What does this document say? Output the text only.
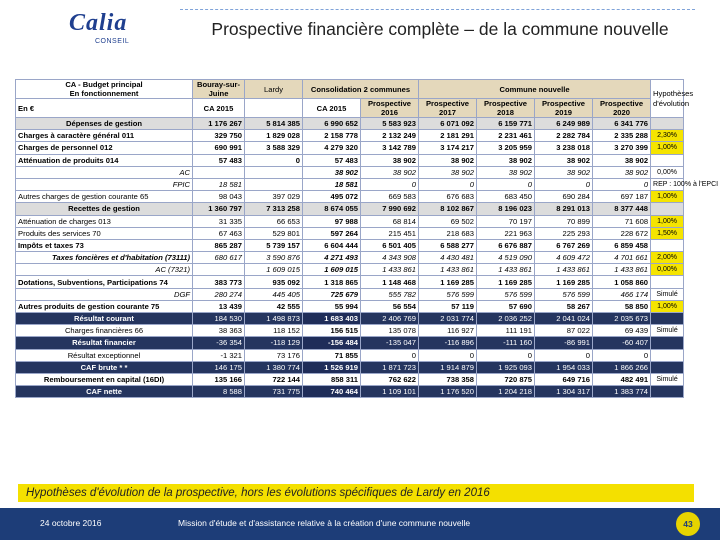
Calia
CONSEIL
Prospective financière complète – de la commune nouvelle
CA - Budget principal
En fonctionnement	Bouray-sur-Juine	Lardy	Consolidation 2 communes		Commune nouvelle				Hypothèses d'évolution

En €	CA 2015		CA 2015	Prospective 2016	Prospective 2017	Prospective 2018	Prospective 2019	Prospective 2020	

Dépenses de gestion	1 176 267	5 814 385	6 990 652	5 583 923	6 071 092	6 159 771	6 249 989	6 341 776	
Charges à caractère général 011	329 750	1 829 028	2 158 778	2 132 249	2 181 291	2 231 461	2 282 784	2 335 288	2,30%
Charges de personnel 012	690 991	3 588 329	4 279 320	3 142 789	3 174 217	3 205 959	3 238 018	3 270 399	1,00%
Atténuation de produits 014	57 483	0	57 483	38 902	38 902	38 902	38 902	38 902	
AC			38 902	38 902	38 902	38 902	38 902	38 902	0,00%
FPIC	18 581		18 581	0	0	0	0	0	REP : 100% à l'EPCI
Autres charges de gestion courante 65	98 043	397 029	495 072	669 583	676 683	683 450	690 284	697 187	1,00%
Recettes de gestion	1 360 797	7 313 258	8 674 055	7 990 692	8 102 867	8 196 023	8 291 013	8 377 448	
Atténuation de charges 013	31 335	66 653	97 988	68 814	69 502	70 197	70 899	71 608	1,00%
Produits des services 70	67 463	529 801	597 264	215 451	218 683	221 963	225 293	228 672	1,50%
Impôts et taxes 73	865 287	5 739 157	6 604 444	6 501 405	6 588 277	6 676 887	6 767 269	6 859 458	
Taxes foncières et d'habitation (73111)	680 617	3 590 876	4 271 493	4 343 908	4 430 481	4 519 090	4 609 472	4 701 661	2,00%
AC (7321)		1 609 015	1 609 015	1 433 861	1 433 861	1 433 861	1 433 861	1 433 861	0,00%
Dotations, Subventions, Participations 74	383 773	935 092	1 318 865	1 148 468	1 169 285	1 169 285	1 169 285	1 058 860	
DGF	280 274	445 405	725 679	555 782	576 599	576 599	576 599	466 174	Simulé
Autres produits de gestion courante 75	13 439	42 555	55 994	56 554	57 119	57 690	58 267	58 850	1,00%
Résultat courant	184 530	1 498 873	1 683 403	2 406 769	2 031 774	2 036 252	2 041 024	2 035 673	
Charges financières 66	38 363	118 152	156 515	135 078	116 927	111 191	87 022	69 439	Simulé
Résultat financier	-36 354	-118 129	-156 484	-135 047	-116 896	-111 160	-86 991	-60 407	
Résultat exceptionnel	-1 321	73 176	71 855	0	0	0	0	0	
CAF brute * *	146 175	1 380 774	1 526 919	1 871 723	1 914 879	1 925 093	1 954 033	1 866 266	
Remboursement en capital (16DI)	135 166	722 144	858 311	762 622	738 358	720 875	649 716	482 491	Simulé
CAF nette	8 588	731 775	740 464	1 109 101	1 176 520	1 204 218	1 304 317	1 383 774	
Hypothèses d'évolution de la prospective, hors les évolutions spécifiques de Lardy en 2016
24 octobre 2016	Mission d'étude et d'assistance relative à la création d'une commune nouvelle	43
